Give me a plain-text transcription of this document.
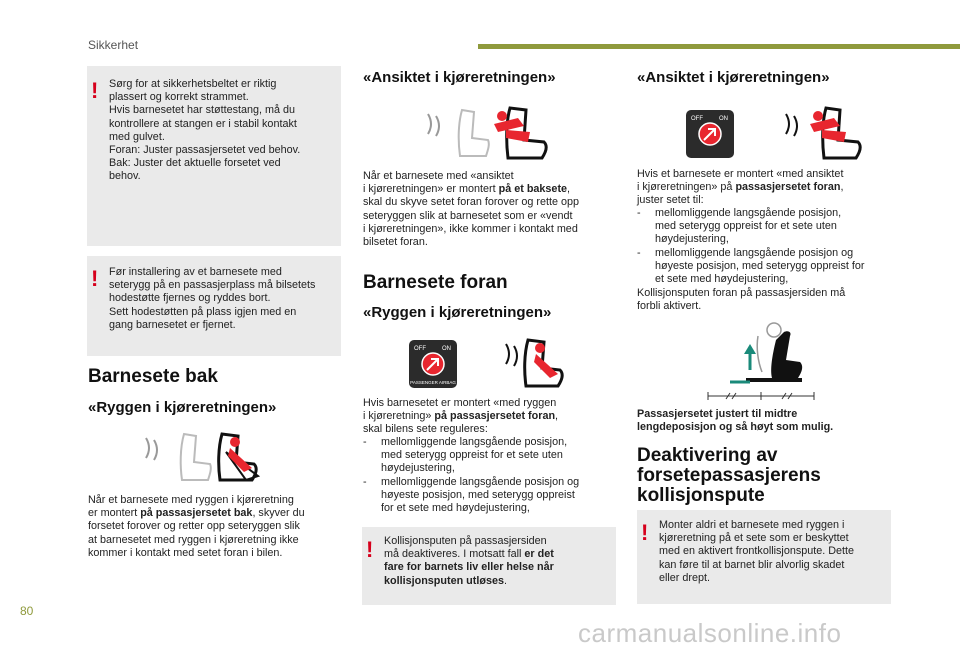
Sikkerhet
80
carmanualsonline.info
! Sørg for at sikkerhetsbeltet er riktig
plassert og korrekt strammet.
Hvis barnesetet har støttestang, må du
kontrollere at stangen er i stabil kontakt
med gulvet.
Foran: Juster passasjersetet ved behov.
Bak: Juster det aktuelle forsetet ved
behov.
! Før installering av et barnesete med
seterygg på en passasjerplass må bilsetets
hodestøtte fjernes og ryddes bort.
Sett hodestøtten på plass igjen med en
gang barnesetet er fjernet.
Barnesete bak
«Ryggen i kjøreretningen»
Når et barnesete med ryggen i kjøreretning
er montert på passasjersetet bak, skyver du
forsetet forover og retter opp seteryggen slik
at barnesetet med ryggen i kjøreretning ikke
kommer i kontakt med setet foran i bilen.
«Ansiktet i kjøreretningen»
Når et barnesete med «ansiktet
i kjøreretningen» er montert på et baksete,
skal du skyve setet foran forover og rette opp
seteryggen slik at barnesetet som er «vendt
i kjøreretningen», ikke kommer i kontakt med
bilsetet foran.
Barnesete foran
«Ryggen i kjøreretningen»
OFF	ON
PASSENGER AIRBAG
Hvis barnesetet er montert «med ryggen
i kjøreretning» på passasjersetet foran,
skal bilens sete reguleres:
- mellomliggende langsgående posisjon,
med seterygg oppreist for et sete uten
høydejustering,
- mellomliggende langsgående posisjon og
høyeste posisjon, med seterygg oppreist
for et sete med høydejustering,
! Kollisjonsputen på passasjersiden
må deaktiveres. I motsatt fall er det
fare for barnets liv eller helse når
kollisjonsputen utløses.
«Ansiktet i kjøreretningen»
OFF	ON
Hvis et barnesete er montert «med ansiktet
i kjøreretningen» på passasjersetet foran,
juster setet til:
- mellomliggende langsgående posisjon,
med seterygg oppreist for et sete uten
høydejustering,
- mellomliggende langsgående posisjon og
høyeste posisjon, med seterygg oppreist for
et sete med høydejustering,
Kollisjonsputen foran på passasjersiden må
forbli aktivert.
Passasjersetet justert til midtre
lengdeposisjon og så høyt som mulig.
Deaktivering av
forsetepassasjerens
kollisjonspute
! Monter aldri et barnesete med ryggen i
kjøreretning på et sete som er beskyttet
med en aktivert frontkollisjonspute. Dette
kan føre til at barnet blir alvorlig skadet
eller drept.
